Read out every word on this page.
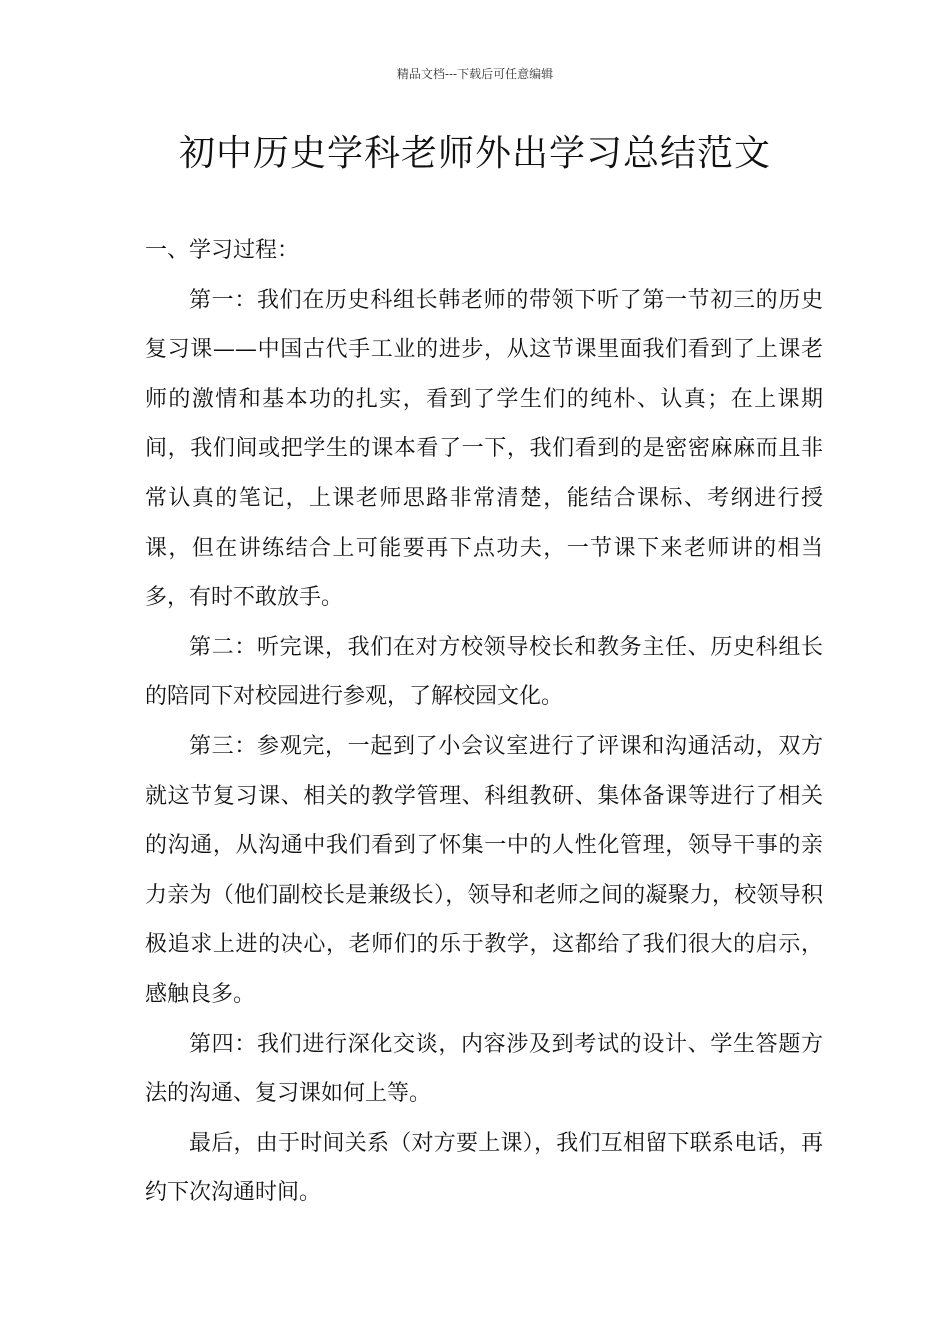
精品文档---下载后可任意编辑
初中历史学科老师外出学习总结范文

一、学习过程：

第一：我们在历史科组长韩老师的带领下听了第一节初三的历史复习课——中国古代手工业的进步，从这节课里面我们看到了上课老师的激情和基本功的扎实，看到了学生们的纯朴、认真；在上课期间，我们间或把学生的课本看了一下，我们看到的是密密麻麻而且非常认真的笔记，上课老师思路非常清楚，能结合课标、考纲进行授课，但在讲练结合上可能要再下点功夫，一节课下来老师讲的相当多，有时不敢放手。

第二：听完课，我们在对方校领导校长和教务主任、历史科组长的陪同下对校园进行参观，了解校园文化。

第三：参观完，一起到了小会议室进行了评课和沟通活动，双方就这节复习课、相关的教学管理、科组教研、集体备课等进行了相关的沟通，从沟通中我们看到了怀集一中的人性化管理，领导干事的亲力亲为（他们副校长是兼级长），领导和老师之间的凝聚力，校领导积极追求上进的决心，老师们的乐于教学，这都给了我们很大的启示，感触良多。

第四：我们进行深化交谈，内容涉及到考试的设计、学生答题方法的沟通、复习课如何上等。

最后，由于时间关系（对方要上课），我们互相留下联系电话，再约下次沟通时间。
